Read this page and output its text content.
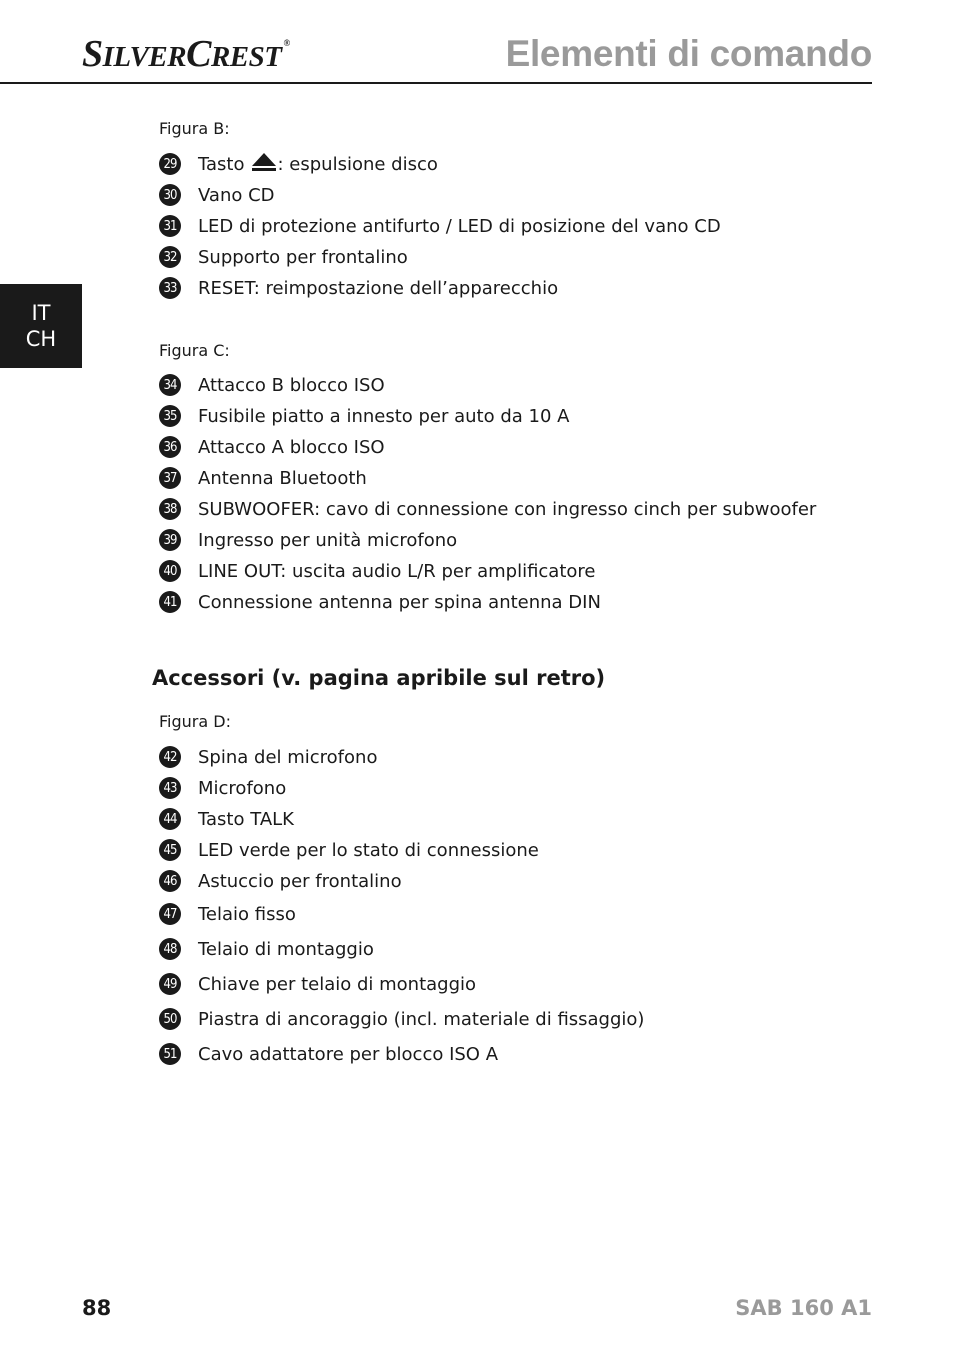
SILVERCREST ®	Elementi di comando
IT
CH
Figura B:
29 Tasto : espulsione disco
30 Vano CD
31 LED di protezione antifurto / LED di posizione del vano CD
32 Supporto per frontalino
33 RESET: reimpostazione dell’apparecchio
Figura C:
34 Attacco B blocco ISO
35 Fusibile piatto a innesto per auto da 10 A
36 Attacco A blocco ISO
37 Antenna Bluetooth
38 SUBWOOFER: cavo di connessione con ingresso cinch per subwoofer
39 Ingresso per unità microfono
40 LINE OUT: uscita audio L/R per amplificatore
41 Connessione antenna per spina antenna DIN
Accessori (v. pagina apribile sul retro)
Figura D:
42 Spina del microfono
43 Microfono
44 Tasto TALK
45 LED verde per lo stato di connessione
46 Astuccio per frontalino
47 Telaio fisso
48 Telaio di montaggio
49 Chiave per telaio di montaggio
50 Piastra di ancoraggio (incl. materiale di fissaggio)
51 Cavo adattatore per blocco ISO A
88	SAB 160 A1
